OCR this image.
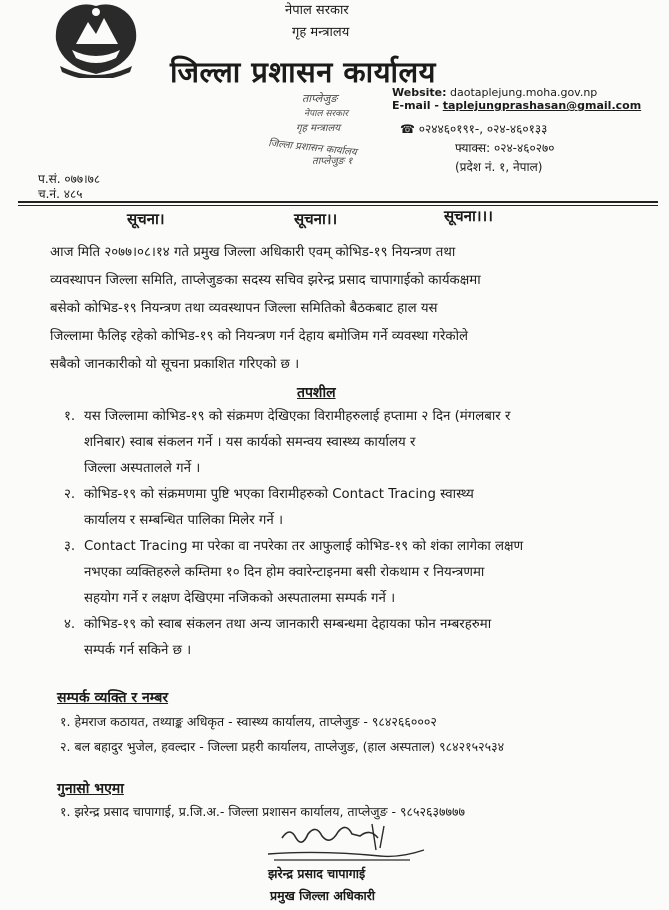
नेपाल सरकार
गृह मन्त्रालय
जिल्ला प्रशासन कार्यालय
Website: daotaplejung.moha.gov.np
E-mail - taplejungprashasan@gmail.com
☎ ०२४४६०१९१-, ०२४-४६०१३३
फ्याक्स: ०२४-४६०२७०
(प्रदेश नं. १, नेपाल)
ताप्लेजुङ
नेपाल सरकार
गृह मन्त्रालय
जिल्ला प्रशासन कार्यालय
ताप्लेजुङ १
प.सं. ०७७।७८
च.नं. ४८५
सूचना।	सूचना।।	सूचना।।।
आज मिति २०७७।०८।१४ गते प्रमुख जिल्ला अधिकारी एवम् कोभिड-१९ नियन्त्रण तथा
व्यवस्थापन जिल्ला समिति, ताप्लेजुङका सदस्य सचिव झरेन्द्र प्रसाद चापागाईको कार्यकक्षमा
बसेको कोभिड-१९ नियन्त्रण तथा व्यवस्थापन जिल्ला समितिको बैठकबाट हाल यस
जिल्लामा फैलिइ रहेको कोभिड-१९ को नियन्त्रण गर्न देहाय बमोजिम गर्ने व्यवस्था गरेकोले
सबैको जानकारीको यो सूचना प्रकाशित गरिएको छ ।
तपशील
१. यस जिल्लामा कोभिड-१९ को संक्रमण देखिएका विरामीहरुलाई हप्तामा २ दिन (मंगलबार र
शनिबार) स्वाब संकलन गर्ने । यस कार्यको समन्वय स्वास्थ्य कार्यालय र
जिल्ला अस्पतालले गर्ने ।
२. कोभिड-१९ को संक्रमणमा पुष्टि भएका विरामीहरुको Contact Tracing स्वास्थ्य
कार्यालय र सम्बन्धित पालिका मिलेर गर्ने ।
३. Contact Tracing मा परेका वा नपरेका तर आफुलाई कोभिड-१९ को शंका लागेका लक्षण
नभएका व्यक्तिहरुले कम्तिमा १० दिन होम क्वारेन्टाइनमा बसी रोकथाम र नियन्त्रणमा
सहयोग गर्ने र लक्षण देखिएमा नजिकको अस्पतालमा सम्पर्क गर्ने ।
४. कोभिड-१९ को स्वाब संकलन तथा अन्य जानकारी सम्बन्धमा देहायका फोन नम्बरहरुमा
सम्पर्क गर्न सकिने छ ।
सम्पर्क व्यक्ति र नम्बर
१. हेमराज कठायत, तथ्याङ्क अधिकृत - स्वास्थ्य कार्यालय, ताप्लेजुङ - ९८४२६६०००२
२. बल बहादुर भुजेल, हवल्दार - जिल्ला प्रहरी कार्यालय, ताप्लेजुङ, (हाल अस्पताल) ९८४२१५२५३४
गुनासो भएमा
१. झरेन्द्र प्रसाद चापागाई, प्र.जि.अ.- जिल्ला प्रशासन कार्यालय, ताप्लेजुङ - ९८५२६३७७७७
झरेन्द्र प्रसाद चापागाई
प्रमुख जिल्ला अधिकारी
